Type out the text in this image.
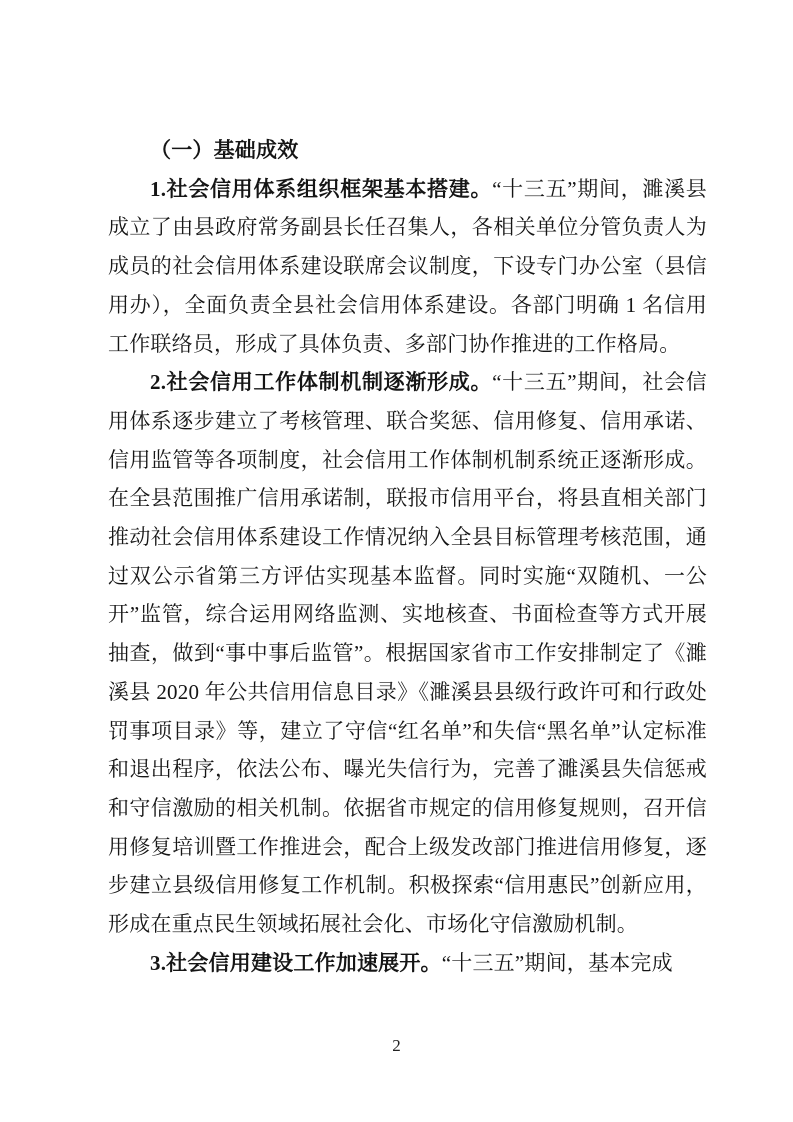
（一）基础成效

1.社会信用体系组织框架基本搭建。“十三五”期间，濉溪县成立了由县政府常务副县长任召集人，各相关单位分管负责人为成员的社会信用体系建设联席会议制度，下设专门办公室（县信用办），全面负责全县社会信用体系建设。各部门明确 1 名信用工作联络员，形成了具体负责、多部门协作推进的工作格局。

2.社会信用工作体制机制逐渐形成。“十三五”期间，社会信用体系逐步建立了考核管理、联合奖惩、信用修复、信用承诺、信用监管等各项制度，社会信用工作体制机制系统正逐渐形成。在全县范围推广信用承诺制，联报市信用平台，将县直相关部门推动社会信用体系建设工作情况纳入全县目标管理考核范围，通过双公示省第三方评估实现基本监督。同时实施“双随机、一公开”监管，综合运用网络监测、实地核查、书面检查等方式开展抽查，做到“事中事后监管”。根据国家省市工作安排制定了《濉溪县 2020 年公共信用信息目录》《濉溪县县级行政许可和行政处罚事项目录》等，建立了守信“红名单”和失信“黑名单”认定标准和退出程序，依法公布、曝光失信行为，完善了濉溪县失信惩戒和守信激励的相关机制。依据省市规定的信用修复规则，召开信用修复培训暨工作推进会，配合上级发改部门推进信用修复，逐步建立县级信用修复工作机制。积极探索“信用惠民”创新应用，形成在重点民生领域拓展社会化、市场化守信激励机制。

3.社会信用建设工作加速展开。“十三五”期间，基本完成

2
